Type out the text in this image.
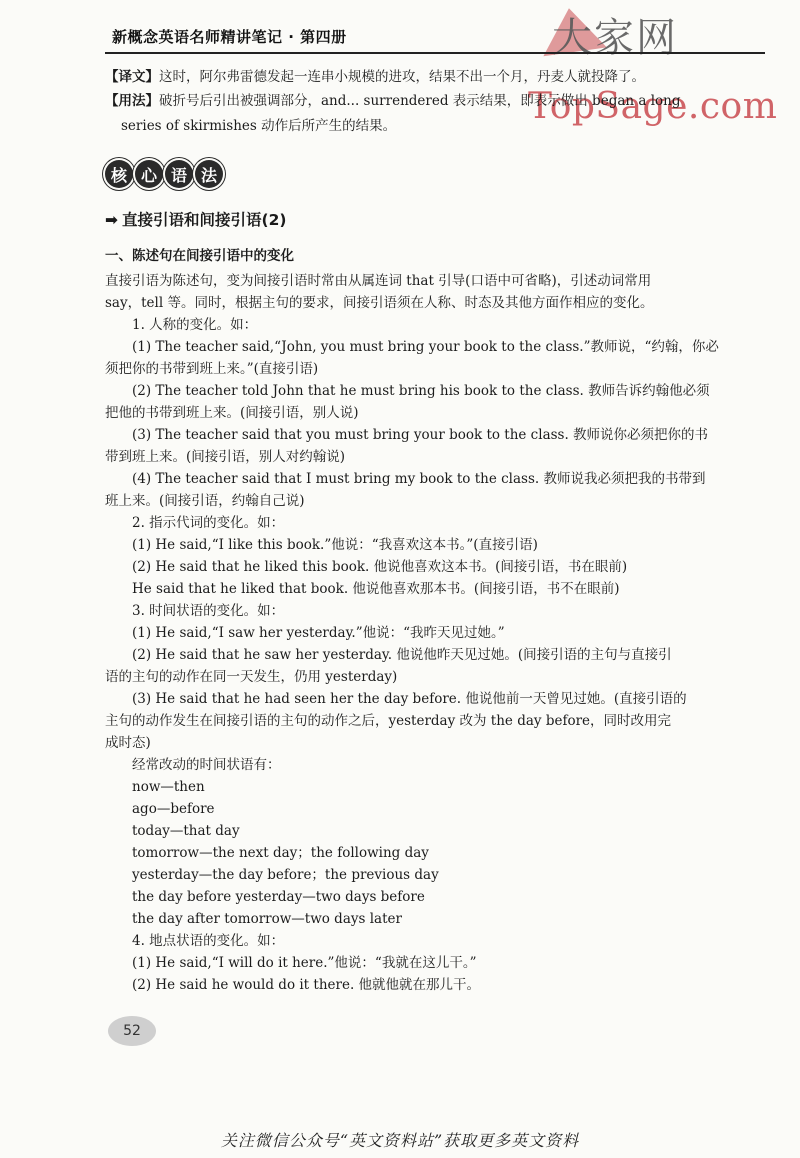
大家网
TopSage.com
新概念英语名师精讲笔记 · 第四册
【译文】这时，阿尔弗雷德发起一连串小规模的进攻，结果不出一个月，丹麦人就投降了。
【用法】破折号后引出被强调部分，and... surrendered 表示结果，即表示做出 began a long
series of skirmishes 动作后所产生的结果。
核 心 语 法
➡ 直接引语和间接引语(2)
一、陈述句在间接引语中的变化
直接引语为陈述句，变为间接引语时常由从属连词 that 引导(口语中可省略)，引述动词常用
say，tell 等。同时，根据主句的要求，间接引语须在人称、时态及其他方面作相应的变化。
　　1. 人称的变化。如：
　　(1) The teacher said,“John, you must bring your book to the class.”教师说，“约翰，你必
须把你的书带到班上来。”(直接引语)
　　(2) The teacher told John that he must bring his book to the class. 教师告诉约翰他必须
把他的书带到班上来。(间接引语，别人说)
　　(3) The teacher said that you must bring your book to the class. 教师说你必须把你的书
带到班上来。(间接引语，别人对约翰说)
　　(4) The teacher said that I must bring my book to the class. 教师说我必须把我的书带到
班上来。(间接引语，约翰自己说)
　　2. 指示代词的变化。如：
　　(1) He said,“I like this book.”他说：“我喜欢这本书。”(直接引语)
　　(2) He said that he liked this book. 他说他喜欢这本书。(间接引语，书在眼前)
　　He said that he liked that book. 他说他喜欢那本书。(间接引语，书不在眼前)
　　3. 时间状语的变化。如：
　　(1) He said,“I saw her yesterday.”他说：“我昨天见过她。”
　　(2) He said that he saw her yesterday. 他说他昨天见过她。(间接引语的主句与直接引
语的主句的动作在同一天发生，仍用 yesterday)
　　(3) He said that he had seen her the day before. 他说他前一天曾见过她。(直接引语的
主句的动作发生在间接引语的主句的动作之后，yesterday 改为 the day before，同时改用完
成时态)
　　经常改动的时间状语有：
　　now—then
　　ago—before
　　today—that day
　　tomorrow—the next day；the following day
　　yesterday—the day before；the previous day
　　the day before yesterday—two days before
　　the day after tomorrow—two days later
　　4. 地点状语的变化。如：
　　(1) He said,“I will do it here.”他说：“我就在这儿干。”
　　(2) He said he would do it there. 他就他就在那儿干。
52
关注微信公众号“英文资料站”获取更多英文资料
